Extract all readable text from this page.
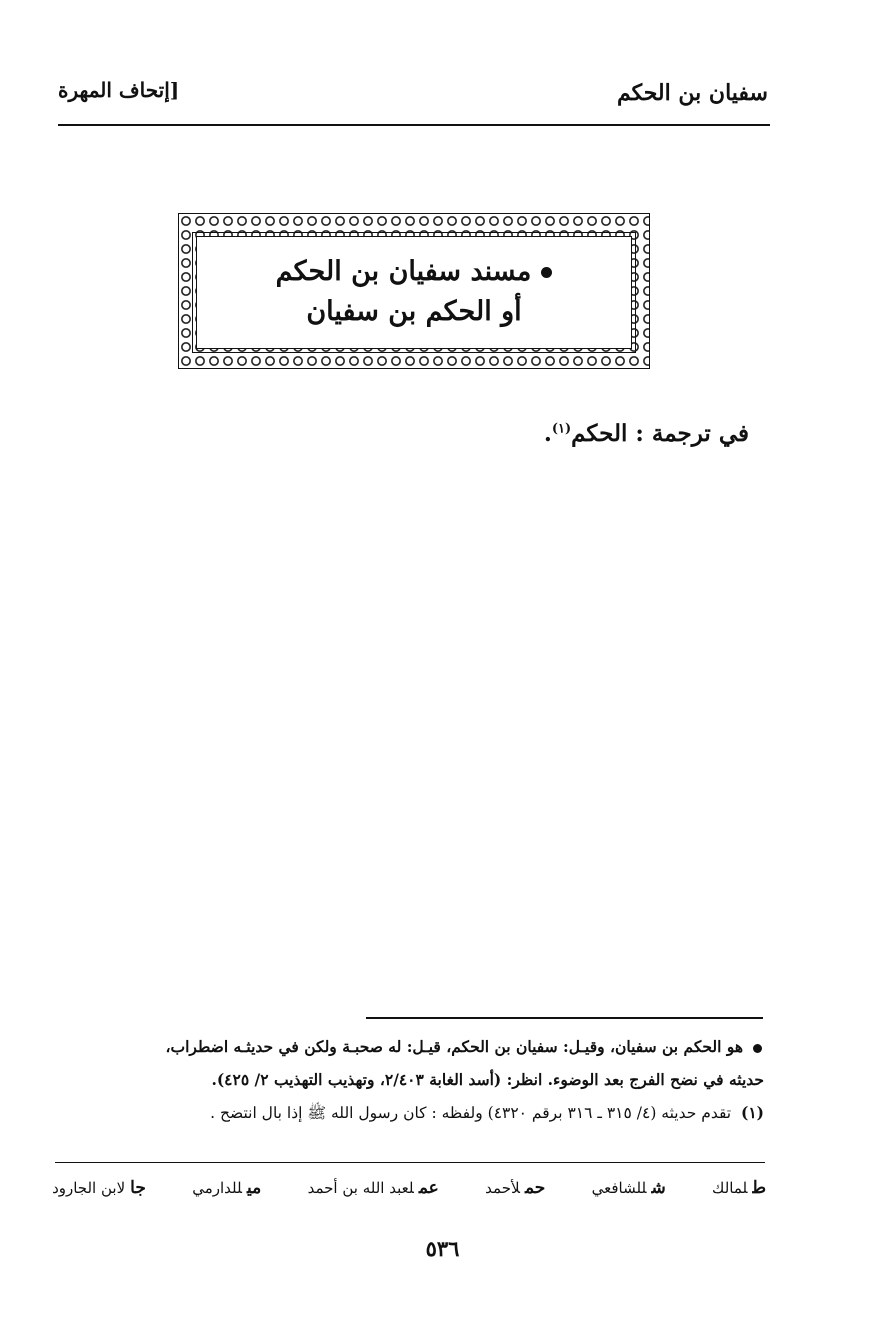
سفيان بن الحكم
[إتحاف المهرة
مسند سفيان بن الحكم
أو الحكم بن سفيان
في ترجمة : الحكم$^{(١)}$.
هو الحكم بن سفيان، وقيـل: سفيان بن الحكم، قيـل: له صحبـة ولكن في حديثـه اضطراب،
حديثه في نضح الفرج بعد الوضوء. انظر: (أسد الغابة ٢/٤٠٣، وتهذيب التهذيب ٢/ ٤٢٥).
(١)  تقدم حديثه (٤/ ٣١٥ ـ ٣١٦ برقم ٤٣٢٠) ولفظه : كان رسول الله ﷺ إذا بال انتضح .
طلمالك
شللشافعي
حملأحمد
عملعبد الله بن أحمد
ميللدارمي
جالابن الجارود
٥٣٦
